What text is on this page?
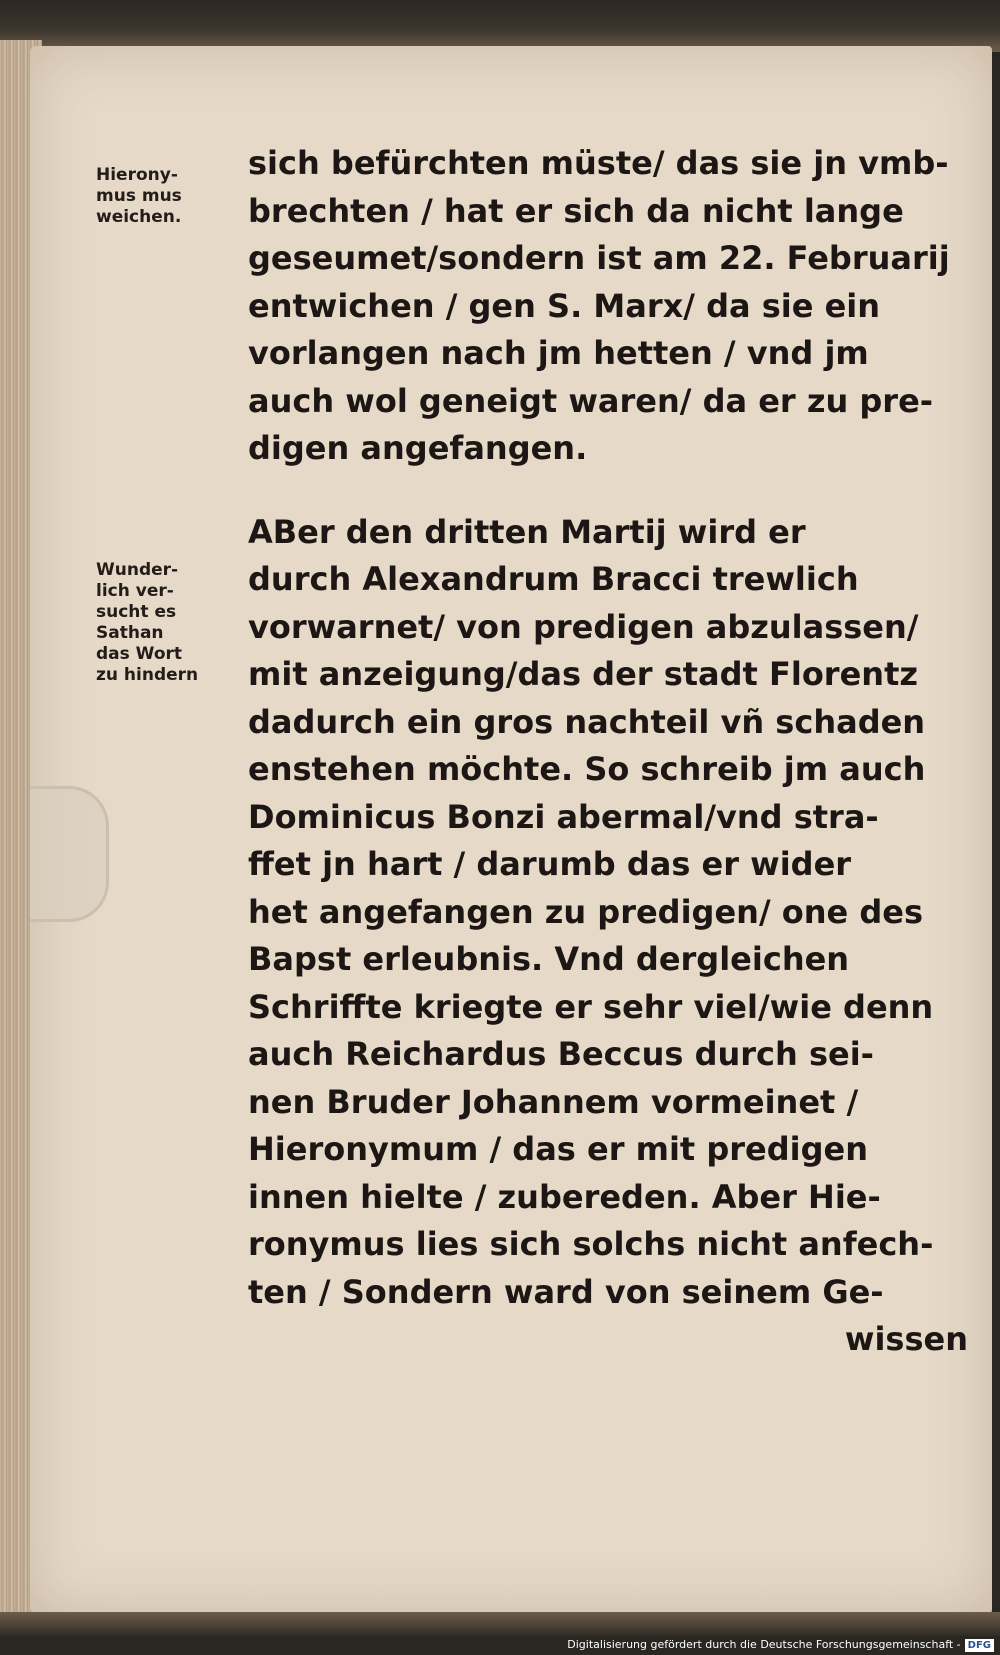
Hierony-
mus mus
weichen.
Wunder-
lich ver-
sucht es
Sathan
das Wort
zu hindern
sich befürchten müste/ das sie jn vmb-
brechten / hat er sich da nicht lange
geseumet/sondern ist am 22. Februarij
entwichen / gen S. Marx/ da sie ein
vorlangen nach jm hetten / vnd jm
auch wol geneigt waren/ da er zu pre-
digen angefangen.
ABer den dritten Martij wird er
durch Alexandrum Bracci trewlich
vorwarnet/ von predigen abzulassen/
mit anzeigung/das der stadt Florentz
dadurch ein gros nachteil vñ schaden
enstehen möchte. So schreib jm auch
Dominicus Bonzi abermal/vnd stra-
ffet jn hart / darumb das er wider
het angefangen zu predigen/ one des
Bapst erleubnis. Vnd dergleichen
Schriffte kriegte er sehr viel/wie denn
auch Reichardus Beccus durch sei-
nen Bruder Johannem vormeinet /
Hieronymum / das er mit predigen
innen hielte / zubereden. Aber Hie-
ronymus lies sich solchs nicht anfech-
ten / Sondern ward von seinem Ge-
wissen
Digitalisierung gefördert durch die Deutsche Forschungsgemeinschaft - DFG
